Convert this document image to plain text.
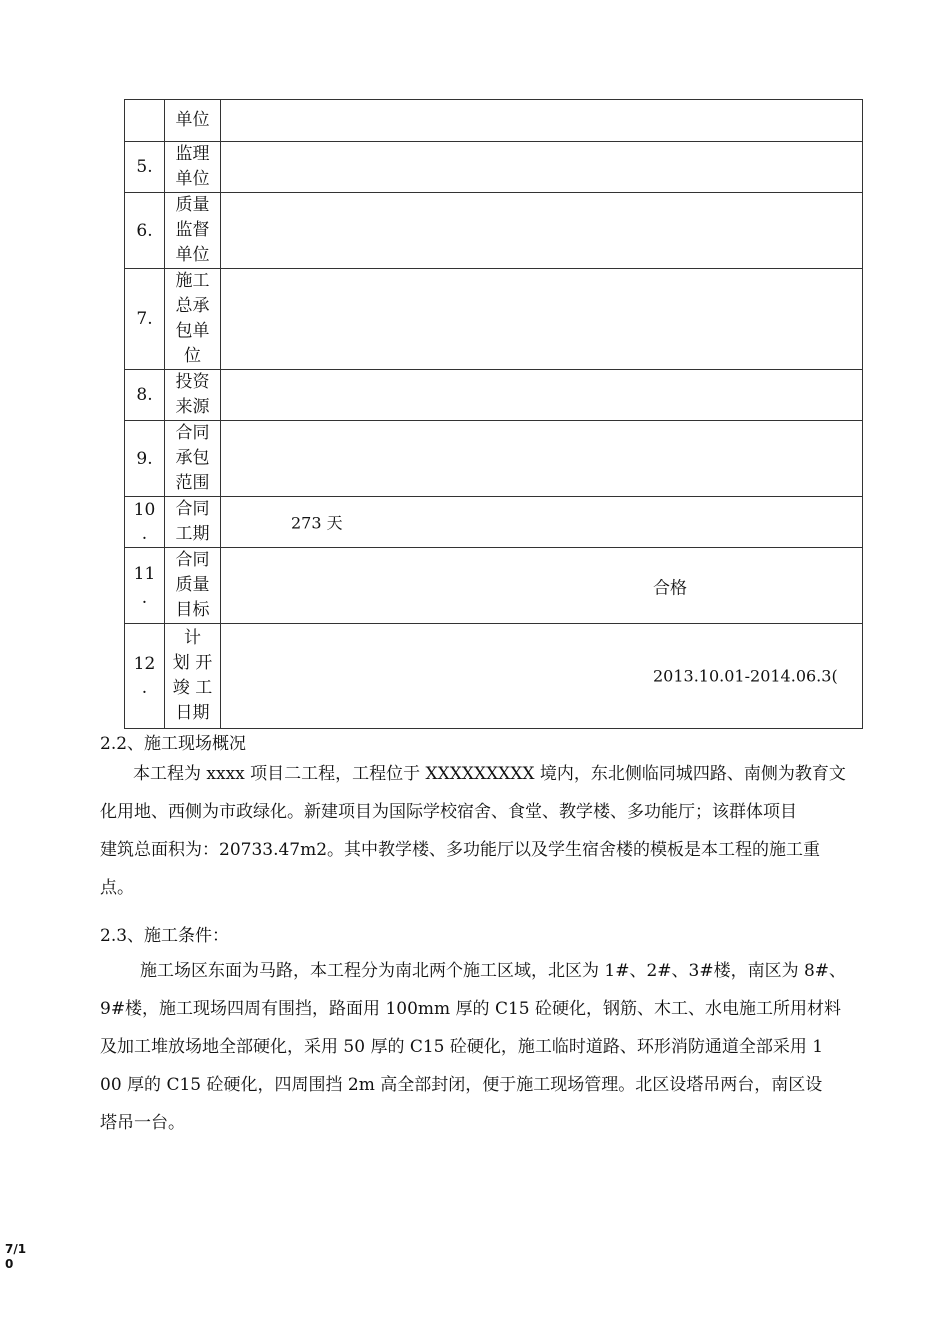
	单位	

5.	监理
单位	

6.	质量
监督
单位	

7.	施工
总承
包单
位	

8.	投资
来源	

9.	合同
承包
范围	

10
.	合同
工期	273 天

11
.	合同
质量
目标	合格

12
.	计
划 开
竣 工
日期	2013.10.01-2014.06.3(
2.2、施工现场概况
本工程为 xxxx 项目二工程，工程位于 XXXXXXXXX 境内，东北侧临同城四路、南侧为教育文
化用地、西侧为市政绿化。新建项目为国际学校宿舍、食堂、教学楼、多功能厅；该群体项目
建筑总面积为：20733.47m2。其中教学楼、多功能厅以及学生宿舍楼的模板是本工程的施工重
点。
2.3、施工条件：
施工场区东面为马路，本工程分为南北两个施工区域，北区为 1#、2#、3#楼，南区为 8#、
9#楼，施工现场四周有围挡，路面用 100mm 厚的 C15 砼硬化，钢筋、木工、水电施工所用材料
及加工堆放场地全部硬化，采用 50 厚的 C15 砼硬化，施工临时道路、环形消防通道全部采用 1
00 厚的 C15 砼硬化，四周围挡 2m 高全部封闭，便于施工现场管理。北区设塔吊两台，南区设
塔吊一台。
7/1
0
